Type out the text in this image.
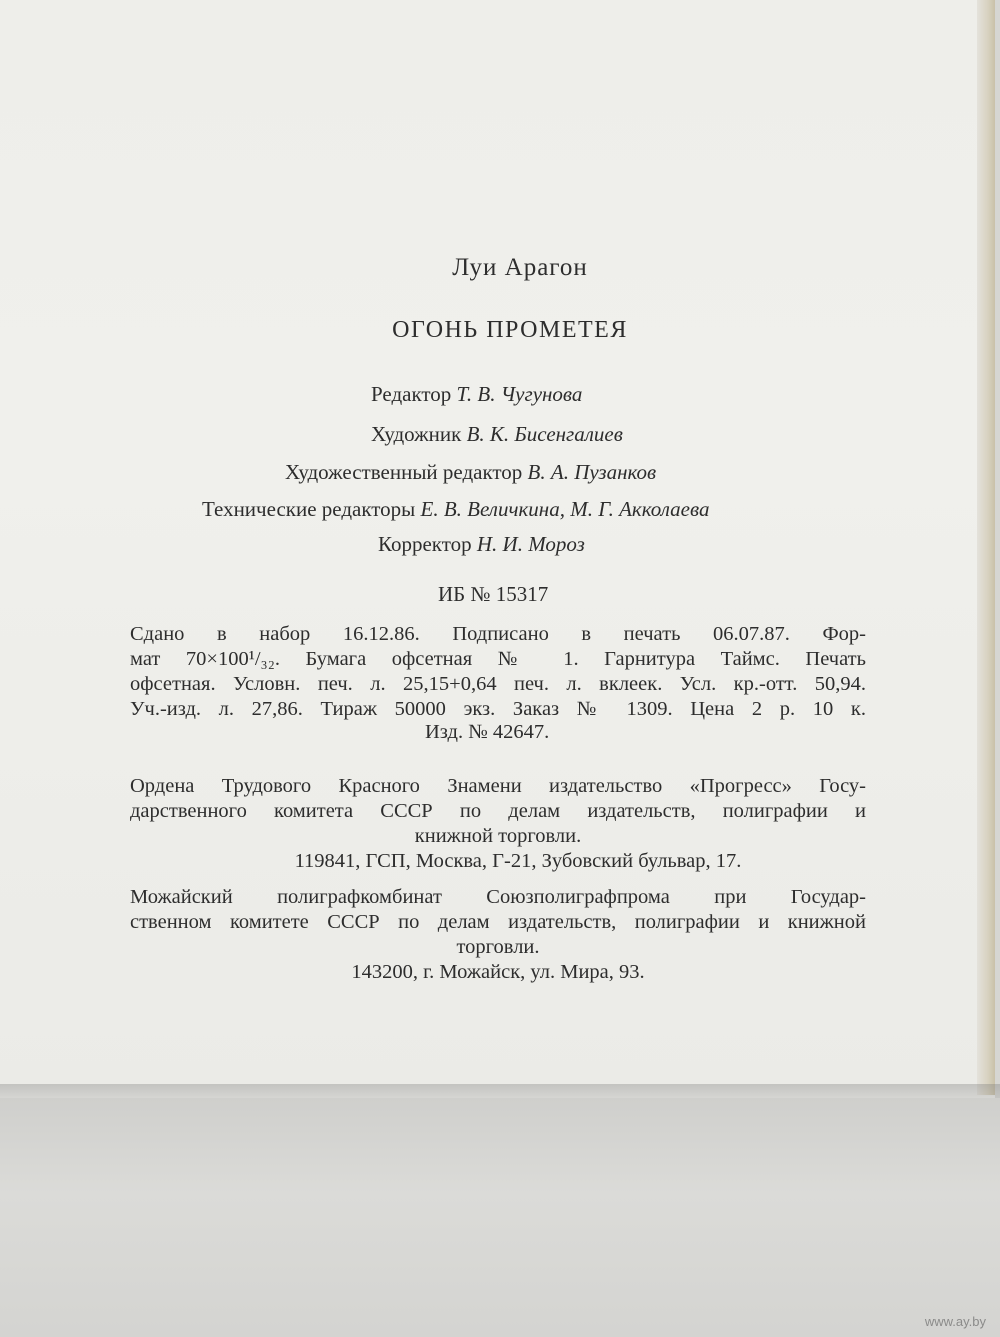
Луи Арагон
ОГОНЬ ПРОМЕТЕЯ
Редактор Т. В. Чугунова
Художник В. К. Бисенгалиев
Художественный редактор В. А. Пузанков
Технические редакторы Е. В. Величкина, М. Г. Акколаева
Корректор Н. И. Мороз
ИБ № 15317
Сдано в набор 16.12.86. Подписано в печать 06.07.87. Фор-
мат 70×100¹/₃₂. Бумага офсетная № 1. Гарнитура Таймс. Печать
офсетная. Условн. печ. л. 25,15+0,64 печ. л. вклеек. Усл. кр.-отт. 50,94.
Уч.-изд. л. 27,86. Тираж 50000 экз. Заказ № 1309. Цена 2 р. 10 к.
Изд. № 42647.
Ордена Трудового Красного Знамени издательство «Прогресс» Госу-
дарственного комитета СССР по делам издательств, полиграфии и
книжной торговли.
119841, ГСП, Москва, Г-21, Зубовский бульвар, 17.
Можайский полиграфкомбинат Союзполиграфпрома при Государ-
ственном комитете СССР по делам издательств, полиграфии и книжной
торговли.
143200, г. Можайск, ул. Мира, 93.
www.ay.by
